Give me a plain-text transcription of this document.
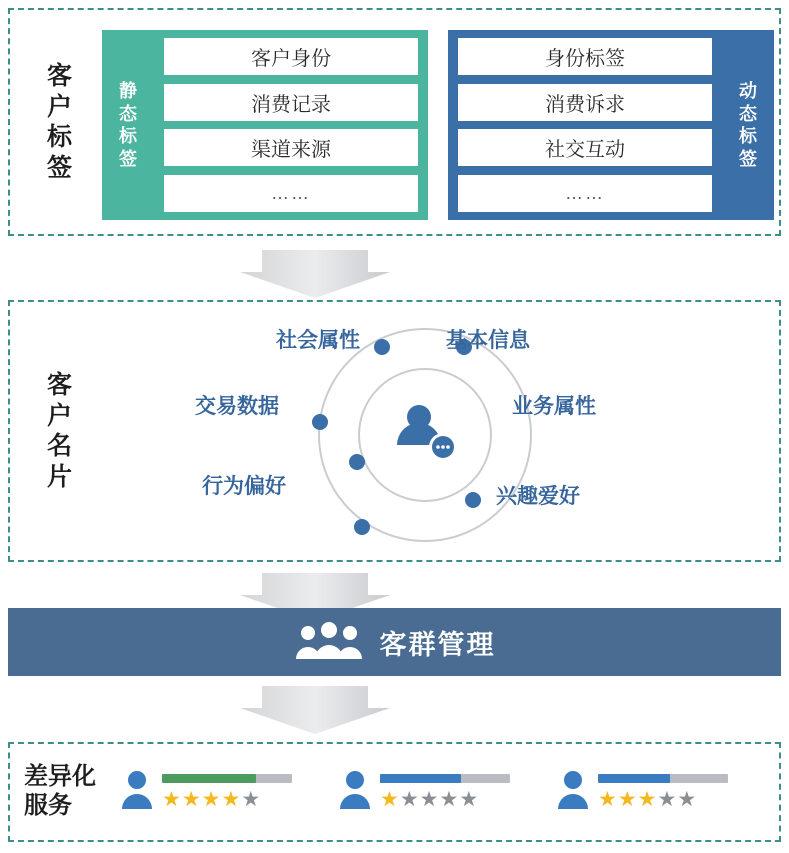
客
户
标
签
静
态
标
签
客户身份
消费记录
渠道来源
……
身份标签
消费诉求
社交互动
……
动
态
标
签
客
户
名
片
社会属性	基本信息
交易数据	业务属性
行为偏好	兴趣爱好
客群管理
差异化
服务	★★★★★	★★★★★	★★★★★
